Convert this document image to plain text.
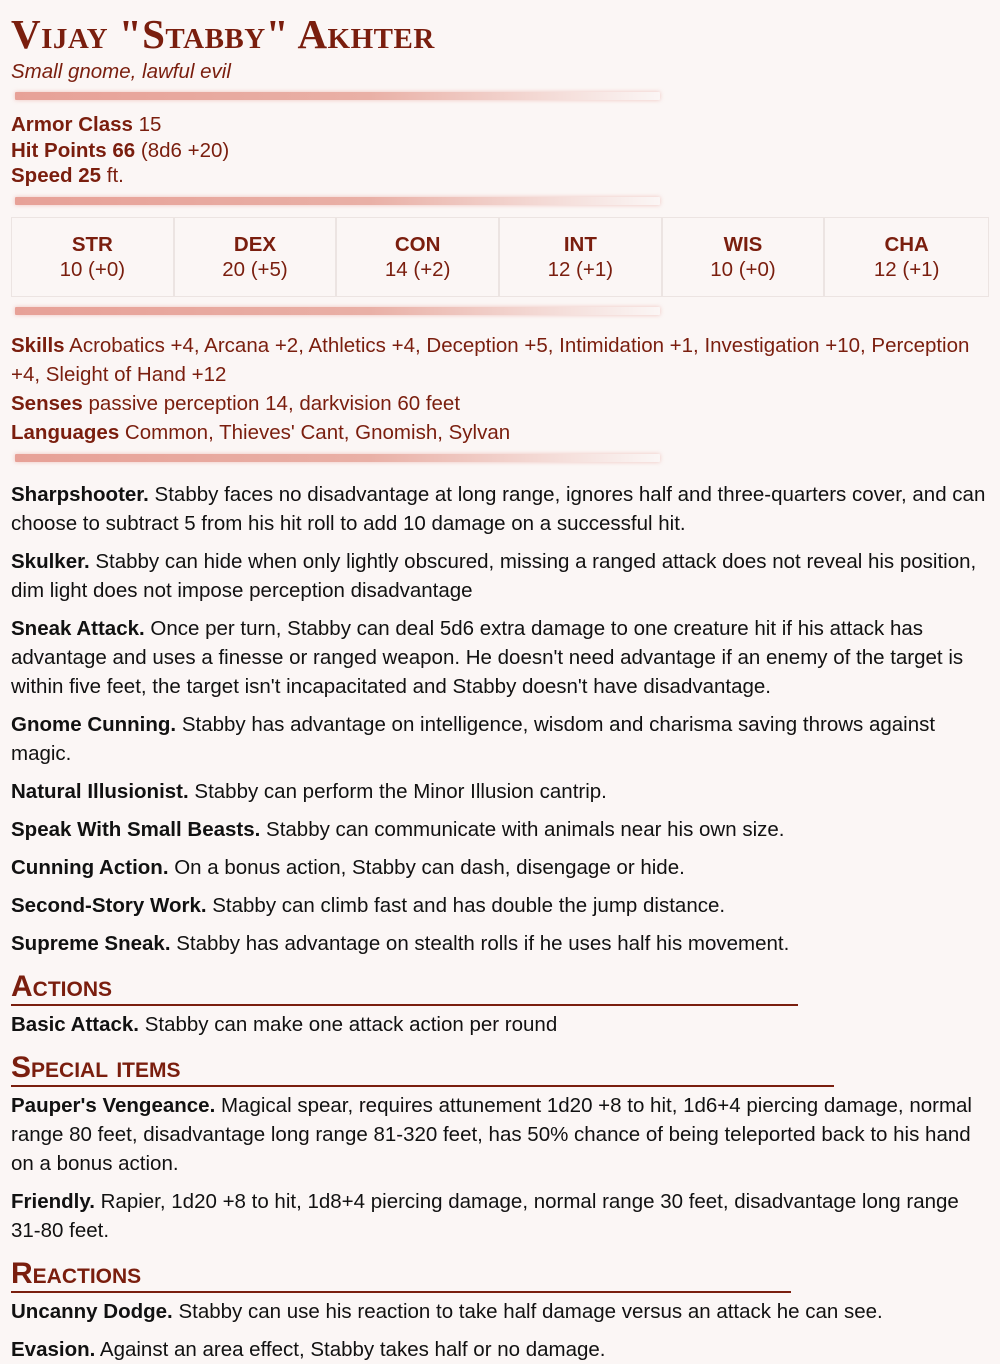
Vijay "Stabby" Akhter
Small gnome, lawful evil
Armor Class 15
Hit Points 66 (8d6 +20)
Speed 25 ft.
STR
10 (+0)
DEX
20 (+5)
CON
14 (+2)
INT
12 (+1)
WIS
10 (+0)
CHA
12 (+1)
Skills Acrobatics +4, Arcana +2, Athletics +4, Deception +5, Intimidation +1, Investigation +10, Perception +4, Sleight of Hand +12
Senses passive perception 14, darkvision 60 feet
Languages Common, Thieves' Cant, Gnomish, Sylvan
Sharpshooter. Stabby faces no disadvantage at long range, ignores half and three-quarters cover, and can choose to subtract 5 from his hit roll to add 10 damage on a successful hit.
Skulker. Stabby can hide when only lightly obscured, missing a ranged attack does not reveal his position, dim light does not impose perception disadvantage
Sneak Attack. Once per turn, Stabby can deal 5d6 extra damage to one creature hit if his attack has advantage and uses a finesse or ranged weapon. He doesn't need advantage if an enemy of the target is within five feet, the target isn't incapacitated and Stabby doesn't have disadvantage.
Gnome Cunning. Stabby has advantage on intelligence, wisdom and charisma saving throws against magic.
Natural Illusionist. Stabby can perform the Minor Illusion cantrip.
Speak With Small Beasts. Stabby can communicate with animals near his own size.
Cunning Action. On a bonus action, Stabby can dash, disengage or hide.
Second-Story Work. Stabby can climb fast and has double the jump distance.
Supreme Sneak. Stabby has advantage on stealth rolls if he uses half his movement.
Actions
Basic Attack. Stabby can make one attack action per round
Special items
Pauper's Vengeance. Magical spear, requires attunement 1d20 +8 to hit, 1d6+4 piercing damage, normal range 80 feet, disadvantage long range 81-320 feet, has 50% chance of being teleported back to his hand on a bonus action.
Friendly. Rapier, 1d20 +8 to hit, 1d8+4 piercing damage, normal range 30 feet, disadvantage long range 31-80 feet.
Reactions
Uncanny Dodge. Stabby can use his reaction to take half damage versus an attack he can see.
Evasion. Against an area effect, Stabby takes half or no damage.
